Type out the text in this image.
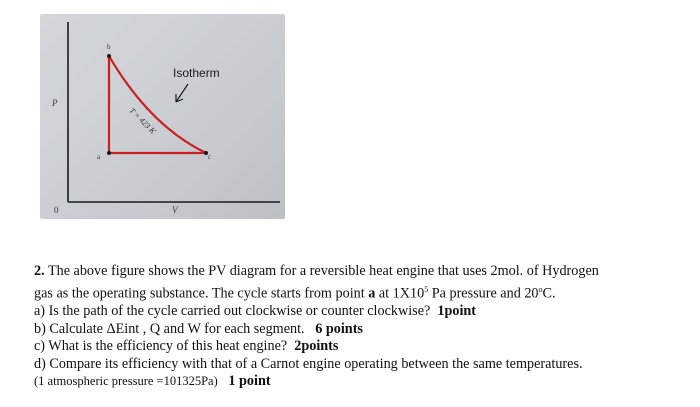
P
V
0
a
b
c
Isotherm
T = 423 K

2. The above figure shows the PV diagram for a reversible heat engine that uses 2mol. of Hydrogen

gas as the operating substance. The cycle starts from point a at $1X10^5$ Pa pressure and 20$^o$C.

a) Is the path of the cycle carried out clockwise or counter clockwise? 1point

b) Calculate ΔEint , Q and W for each segment. 6 points

c) What is the efficiency of this heat engine? 2points

d) Compare its efficiency with that of a Carnot engine operating between the same temperatures.

(1 atmospheric pressure =101325Pa) 1 point
